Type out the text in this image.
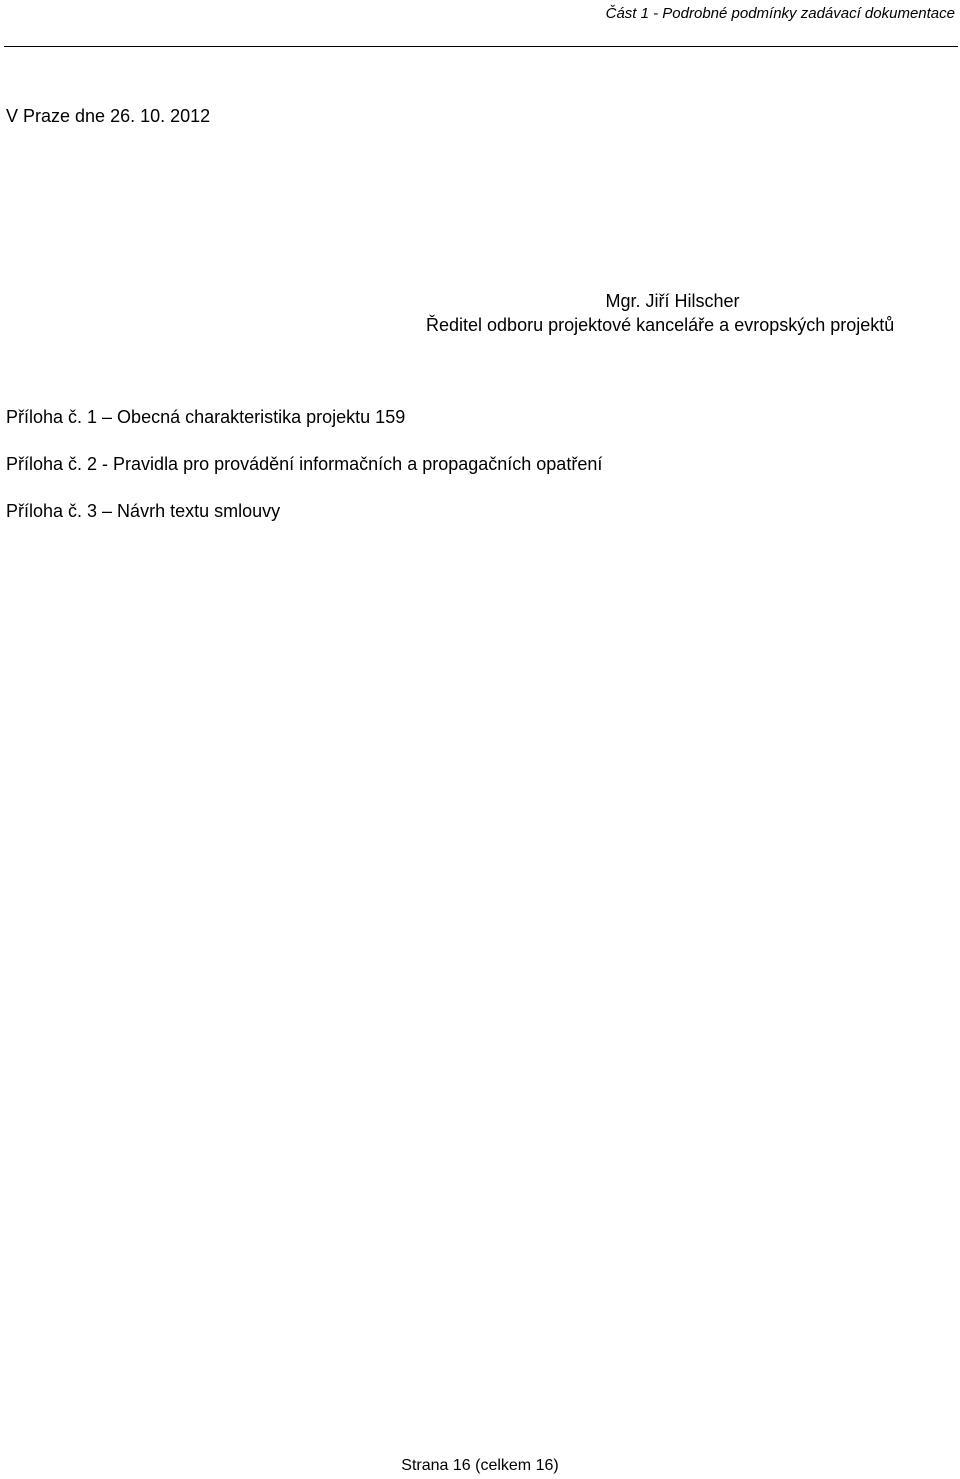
Část 1 - Podrobné podmínky zadávací dokumentace
V Praze dne 26. 10. 2012
Mgr. Jiří Hilscher
Ředitel odboru projektové kanceláře a evropských projektů
Příloha č. 1 – Obecná charakteristika projektu 159
Příloha č. 2 - Pravidla pro provádění informačních a propagačních opatření
Příloha č. 3 – Návrh textu smlouvy
Strana 16 (celkem 16)
